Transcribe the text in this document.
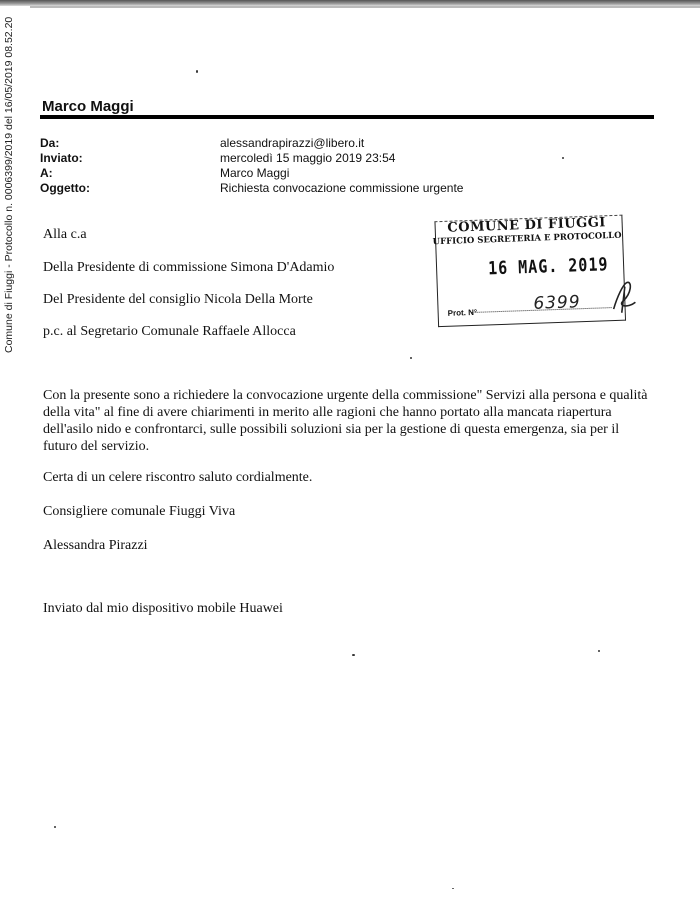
Comune di Fiuggi - Protocollo n. 0006399/2019 del 16/05/2019 08.52.20 Marco Maggi
Da:	alessandrapirazzi@libero.it
Inviato:	mercoledì 15 maggio 2019 23:54
A:	Marco Maggi
Oggetto:	Richiesta convocazione commissione urgente
COMUNE DI FIUGGI
UFFICIO SEGRETERIA E PROTOCOLLO
16 MAG. 2019
Prot. N°	6399
Alla c.a
Della Presidente di commissione Simona D'Adamio
Del Presidente del consiglio Nicola Della Morte
p.c. al Segretario Comunale Raffaele Allocca
Con la presente sono a richiedere la convocazione urgente della commissione" Servizi alla persona e qualità
della vita" al fine di avere chiarimenti in merito alle ragioni che hanno portato alla mancata riapertura
dell'asilo nido e confrontarci, sulle possibili soluzioni sia per la gestione di questa emergenza, sia per il
futuro del servizio.
Certa di un celere riscontro saluto cordialmente.
Consigliere comunale Fiuggi Viva
Alessandra Pirazzi
Inviato dal mio dispositivo mobile Huawei
